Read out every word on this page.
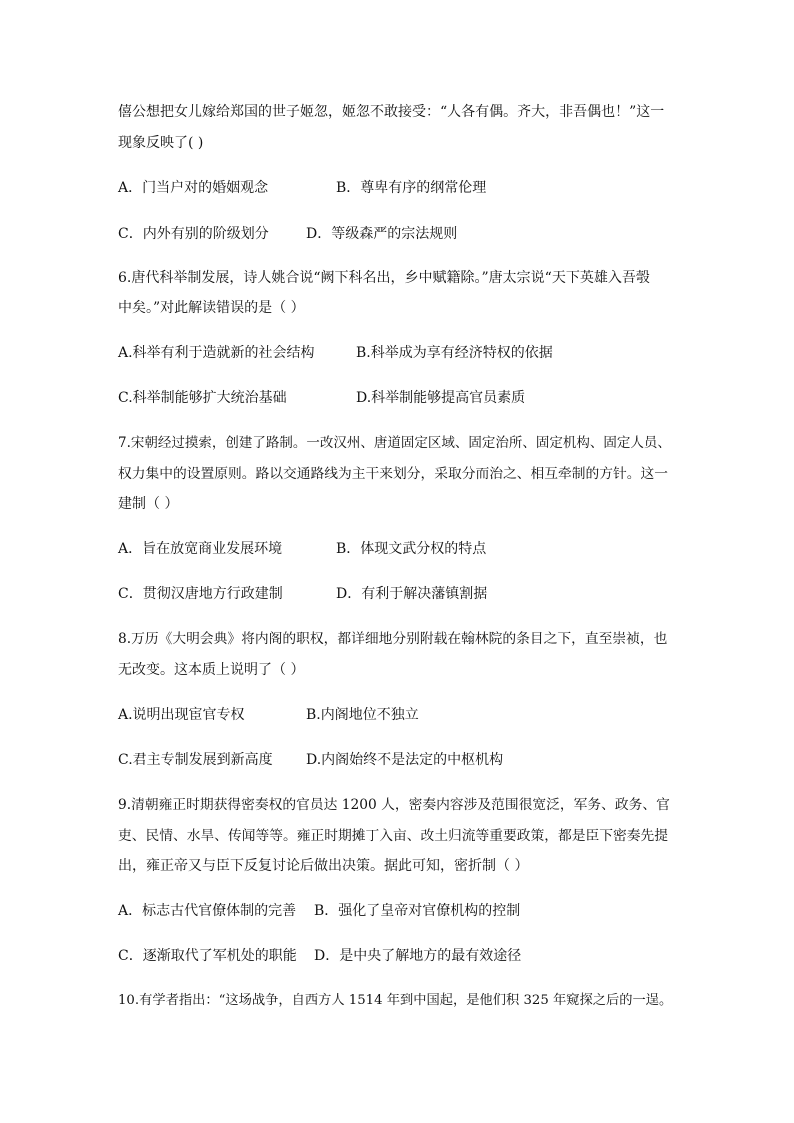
僖公想把女儿嫁给郑国的世子姬忽，姬忽不敢接受：“人各有偶。齐大，非吾偶也！”这一
现象反映了( )
A．门当户对的婚姻观念	B．尊卑有序的纲常伦理
C．内外有别的阶级划分	D．等级森严的宗法规则
6.唐代科举制发展，诗人姚合说“阙下科名出，乡中赋籍除。”唐太宗说“天下英雄入吾彀
中矣。”对此解读错误的是（ ）
A.科举有利于造就新的社会结构	B.科举成为享有经济特权的依据
C.科举制能够扩大统治基础	D.科举制能够提高官员素质
7.宋朝经过摸索，创建了路制。一改汉州、唐道固定区域、固定治所、固定机构、固定人员、
权力集中的设置原则。路以交通路线为主干来划分，采取分而治之、相互牵制的方针。这一
建制（ ）
A．旨在放宽商业发展环境	B．体现文武分权的特点
C．贯彻汉唐地方行政建制	D．有利于解决藩镇割据
8.万历《大明会典》将内阁的职权，都详细地分别附载在翰林院的条目之下，直至崇祯，也
无改变。这本质上说明了（ ）
A.说明出现宦官专权	B.内阁地位不独立
C.君主专制发展到新高度 D.内阁始终不是法定的中枢机构
9.清朝雍正时期获得密奏权的官员达 1200 人，密奏内容涉及范围很宽泛，军务、政务、官
吏、民情、水旱、传闻等等。雍正时期摊丁入亩、改土归流等重要政策，都是臣下密奏先提
出，雍正帝又与臣下反复讨论后做出决策。据此可知，密折制（ ）
A．标志古代官僚体制的完善 B．强化了皇帝对官僚机构的控制
C．逐渐取代了军机处的职能 D．是中央了解地方的最有效途径
10.有学者指出：“这场战争，自西方人 1514 年到中国起，是他们积 325 年窥探之后的一逞。
